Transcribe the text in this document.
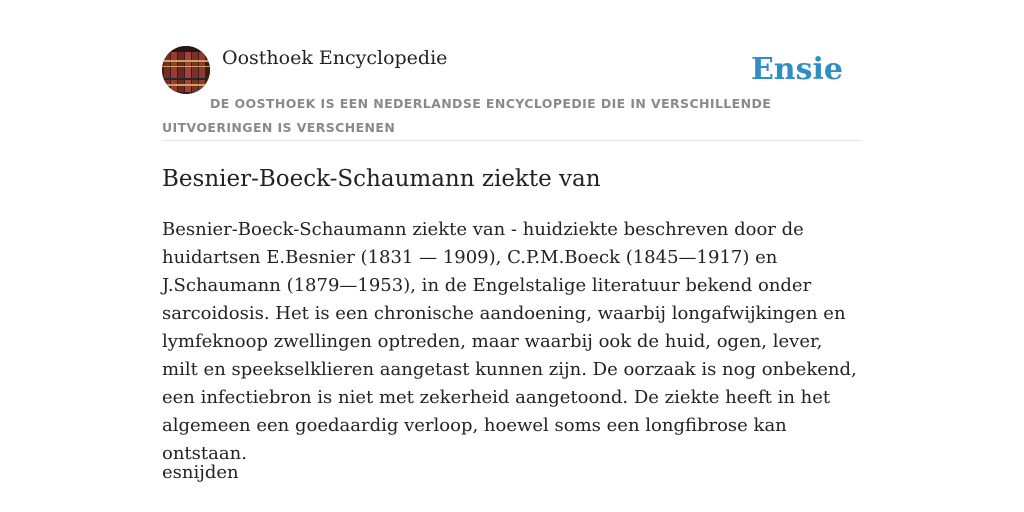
Oosthoek Encyclopedie	Ensie
DE OOSTHOEK IS EEN NEDERLANDSE ENCYCLOPEDIE DIE IN VERSCHILLENDE UITVOERINGEN IS VERSCHENEN
Besnier-Boeck-Schaumann ziekte van

Besnier-Boeck-Schaumann ziekte van - huidziekte beschreven door de huidartsen E.Besnier (1831 — 1909), C.P.M.Boeck (1845—1917) en J.Schaumann (1879—1953), in de Engelstalige literatuur bekend onder sarcoidosis. Het is een chronische aandoening, waarbij longafwijkingen en lymfeknoop zwellingen optreden, maar waarbij ook de huid, ogen, lever, milt en speekselklieren aangetast kunnen zijn. De oorzaak is nog onbekend, een infectiebron is niet met zekerheid aangetoond. De ziekte heeft in het algemeen een goedaardig verloop, hoewel soms een longfibrose kan ontstaan.

esnijden
